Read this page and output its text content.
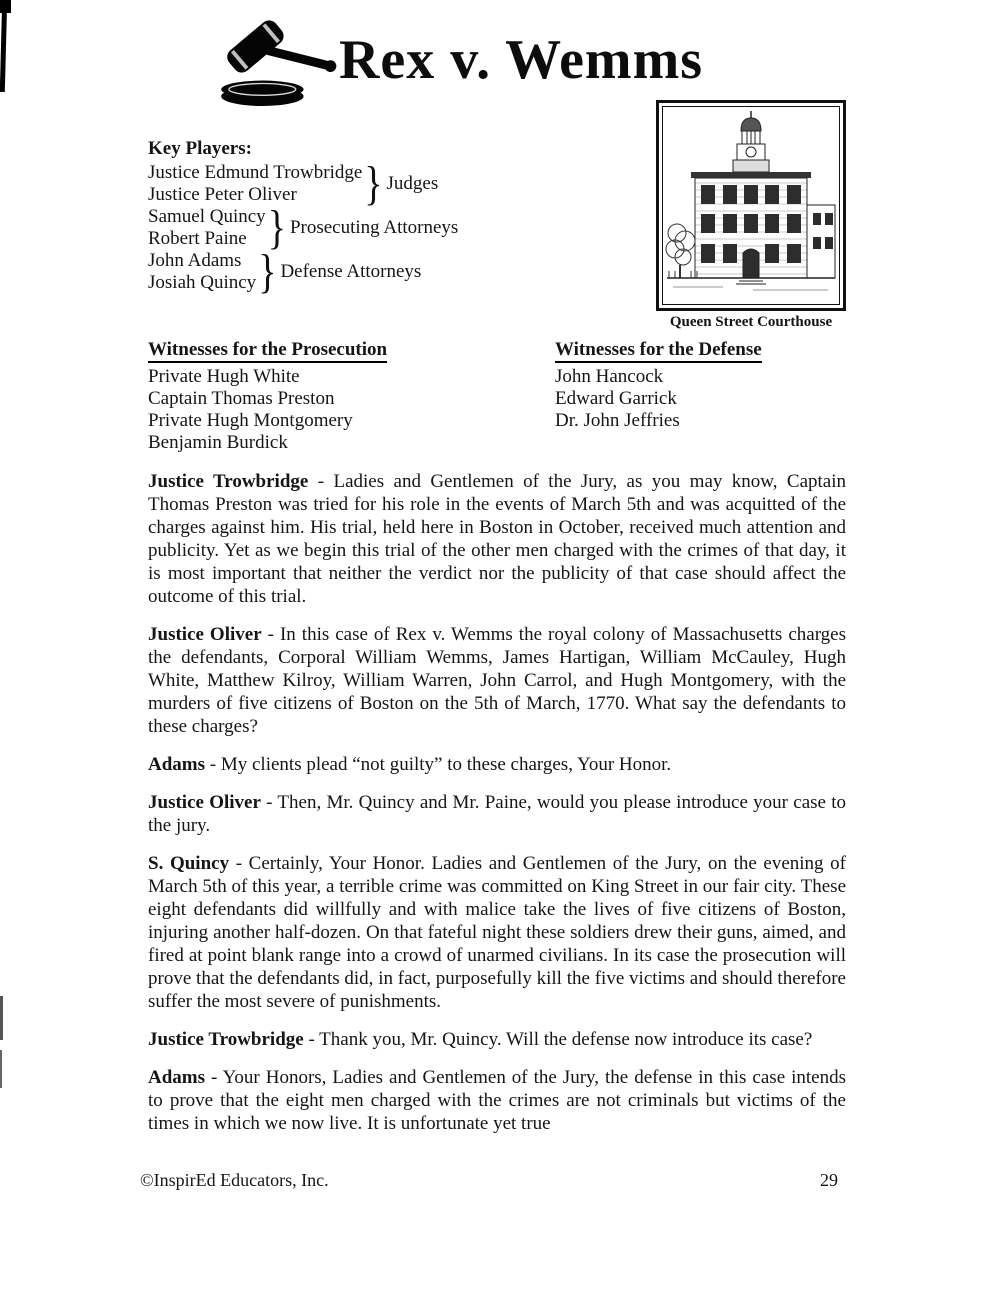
Rex v. Wemms
Key Players:
Justice Edmund Trowbridge
Justice Peter Oliver	} Judges
Samuel Quincy
Robert Paine } Prosecuting Attorneys
John Adams
Josiah Quincy } Defense Attorneys
Queen Street Courthouse
Witnesses for the Prosecution
Private Hugh White
Captain Thomas Preston
Private Hugh Montgomery
Benjamin Burdick
Witnesses for the Defense
John Hancock
Edward Garrick
Dr. John Jeffries

Justice Trowbridge - Ladies and Gentlemen of the Jury, as you may know, Captain Thomas Preston was tried for his role in the events of March 5th and was acquitted of the charges against him. His trial, held here in Boston in October, received much attention and publicity. Yet as we begin this trial of the other men charged with the crimes of that day, it is most important that neither the verdict nor the publicity of that case should affect the outcome of this trial.

Justice Oliver - In this case of Rex v. Wemms the royal colony of Massachusetts charges the defendants, Corporal William Wemms, James Hartigan, William McCauley, Hugh White, Matthew Kilroy, William Warren, John Carrol, and Hugh Montgomery, with the murders of five citizens of Boston on the 5th of March, 1770. What say the defendants to these charges?

Adams - My clients plead “not guilty” to these charges, Your Honor.

Justice Oliver - Then, Mr. Quincy and Mr. Paine, would you please introduce your case to the jury.

S. Quincy - Certainly, Your Honor. Ladies and Gentlemen of the Jury, on the evening of March 5th of this year, a terrible crime was committed on King Street in our fair city. These eight defendants did willfully and with malice take the lives of five citizens of Boston, injuring another half-dozen. On that fateful night these soldiers drew their guns, aimed, and fired at point blank range into a crowd of unarmed civilians. In its case the prosecution will prove that the defendants did, in fact, purposefully kill the five victims and should therefore suffer the most severe of punishments.

Justice Trowbridge - Thank you, Mr. Quincy. Will the defense now introduce its case?

Adams - Your Honors, Ladies and Gentlemen of the Jury, the defense in this case intends to prove that the eight men charged with the crimes are not criminals but victims of the times in which we now live. It is unfortunate yet true

©InspirEd Educators, Inc.	29
